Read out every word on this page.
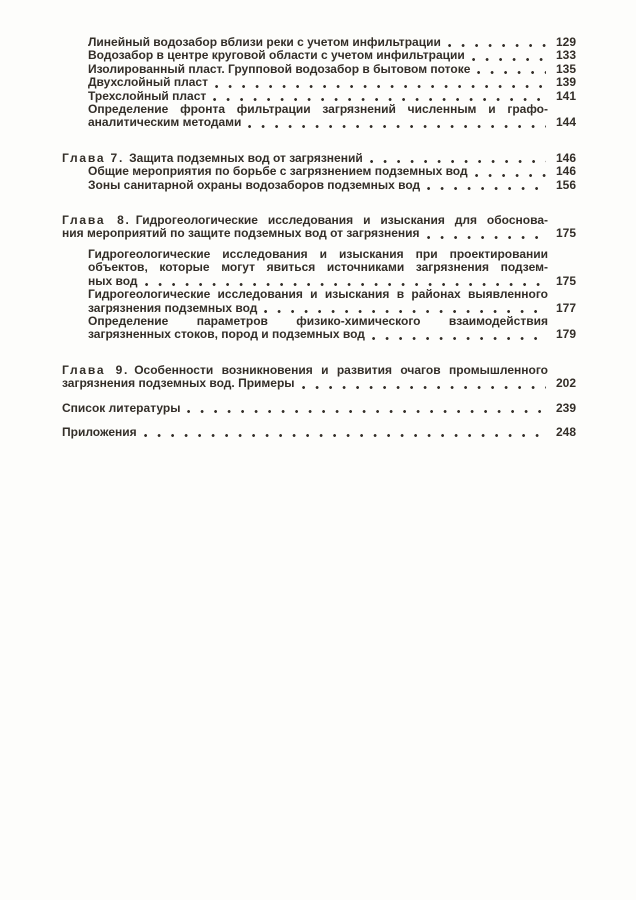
Линейный водозабор вблизи реки с учетом инфильтрации	129
Водозабор в центре круговой области с учетом инфильтрации	133
Изолированный пласт. Групповой водозабор в бытовом потоке	135
Двухслойный пласт	139
Трехслойный пласт	141
Определение фронта фильтрации загрязнений численным и графо-
аналитическим методами	144
Глава 7. Защита подземных вод от загрязнений	146
Общие мероприятия по борьбе с загрязнением подземных вод	146
Зоны санитарной охраны водозаборов подземных вод	156
Глава 8. Гидрогеологические исследования и изыскания для обоснова-
ния мероприятий по защите подземных вод от загрязнения	175
Гидрогеологические исследования и изыскания при проектировании
объектов, которые могут явиться источниками загрязнения подзем-
ных вод	175
Гидрогеологические исследования и изыскания в районах выявленного
загрязнения подземных вод	177
Определение параметров физико-химического взаимодействия
загрязненных стоков, пород и подземных вод	179
Глава 9. Особенности возникновения и развития очагов промышленного
загрязнения подземных вод. Примеры	202
Список литературы	239
Приложения	248
